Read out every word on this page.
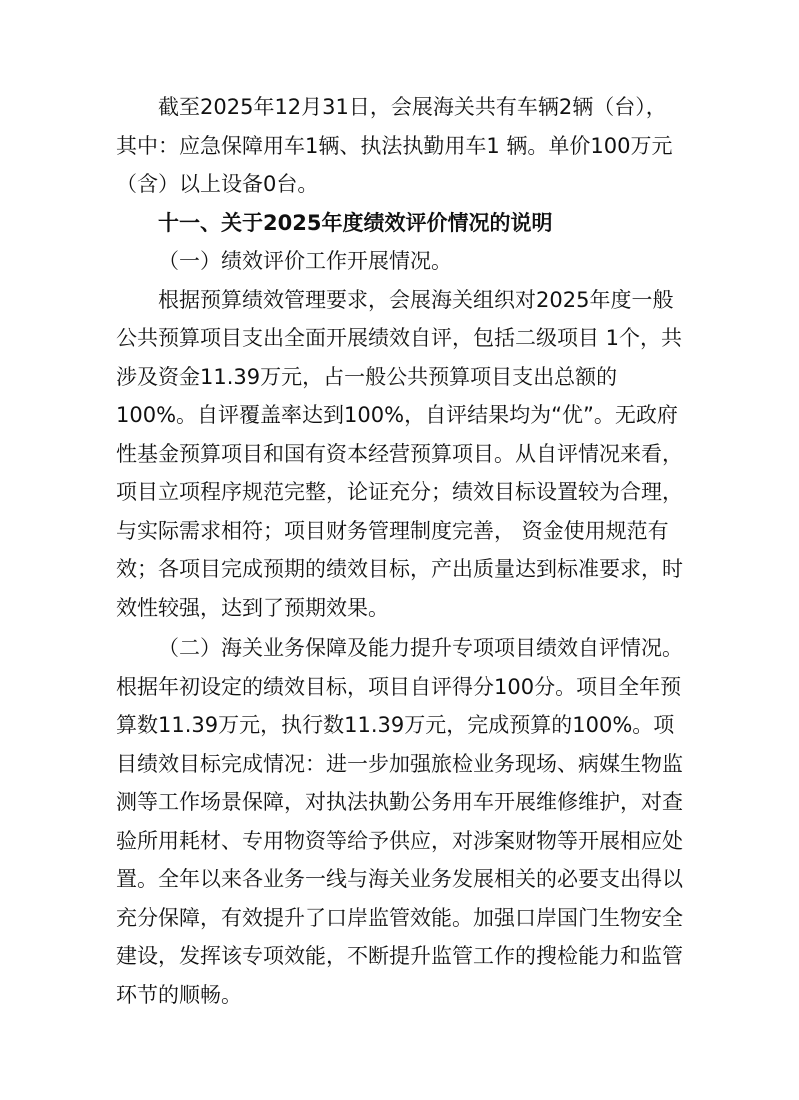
截至2025年12月31日，会展海关共有车辆2辆（台），其中：应急保障用车1辆、执法执勤用车1 辆。单价100万元（含）以上设备0台。

十一、关于2025年度绩效评价情况的说明

（一）绩效评价工作开展情况。

根据预算绩效管理要求，会展海关组织对2025年度一般公共预算项目支出全面开展绩效自评，包括二级项目 1个，共涉及资金11.39万元，占一般公共预算项目支出总额的100%。自评覆盖率达到100%，自评结果均为“优”。无政府性基金预算项目和国有资本经营预算项目。从自评情况来看，项目立项程序规范完整，论证充分；绩效目标设置较为合理，与实际需求相符；项目财务管理制度完善， 资金使用规范有效；各项目完成预期的绩效目标，产出质量达到标准要求，时效性较强，达到了预期效果。

（二）海关业务保障及能力提升专项项目绩效自评情况。根据年初设定的绩效目标，项目自评得分100分。项目全年预算数11.39万元，执行数11.39万元，完成预算的100%。项目绩效目标完成情况：进一步加强旅检业务现场、病媒生物监测等工作场景保障，对执法执勤公务用车开展维修维护，对查验所用耗材、专用物资等给予供应，对涉案财物等开展相应处置。全年以来各业务一线与海关业务发展相关的必要支出得以充分保障，有效提升了口岸监管效能。加强口岸国门生物安全建设，发挥该专项效能，不断提升监管工作的搜检能力和监管环节的顺畅。
